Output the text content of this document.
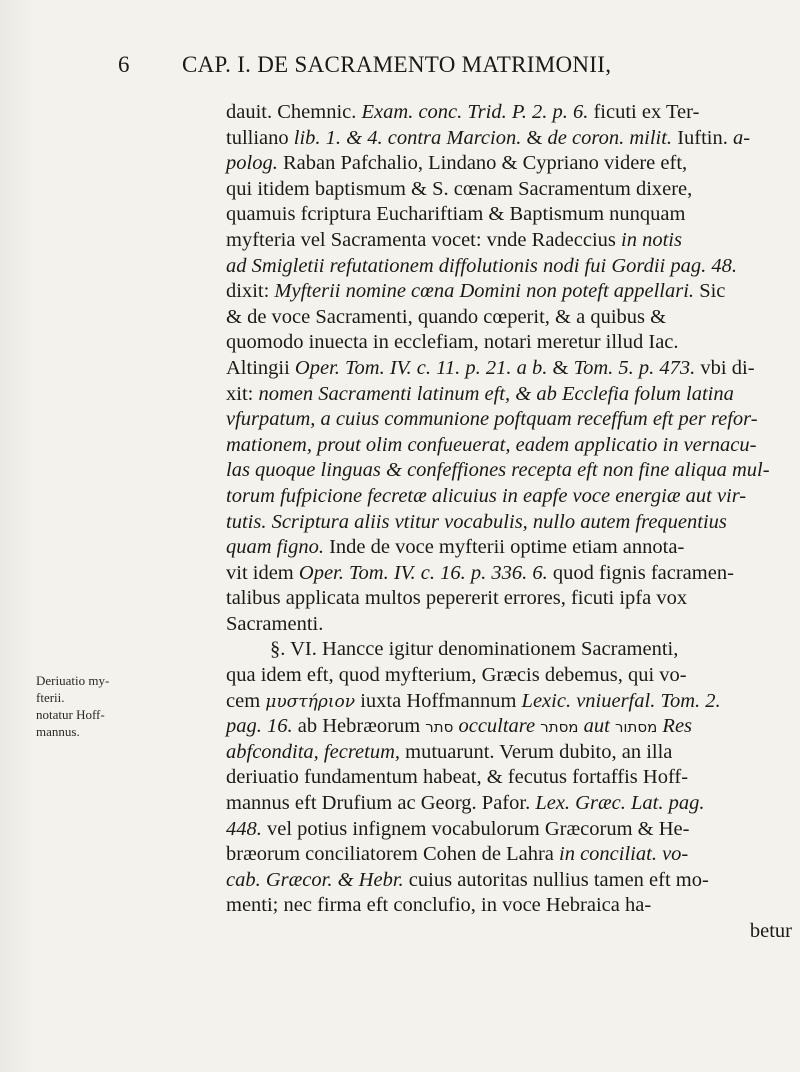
6 CAP. I. DE SACRAMENTO MATRIMONII,
Deriuatio my-
fterii.
notatur Hoff-
mannus.
dauit. Chemnic. Exam. conc. Trid. P. 2. p. 6. ficuti ex Ter-
tulliano lib. 1. & 4. contra Marcion. & de coron. milit. Iuftin. a-
polog. Raban Pafchalio, Lindano & Cypriano videre eft,
qui itidem baptismum & S. cœnam Sacramentum dixere,
quamuis fcriptura Euchariftiam & Baptismum nunquam
myfteria vel Sacramenta vocet: vnde Radeccius in notis
ad Smigletii refutationem diffolutionis nodi fui Gordii pag. 48.
dixit: Myfterii nomine cœna Domini non poteft appellari. Sic
& de voce Sacramenti, quando cœperit, & a quibus &
quomodo inuecta in ecclefiam, notari meretur illud Iac.
Altingii Oper. Tom. IV. c. 11. p. 21. a b. & Tom. 5. p. 473. vbi di-
xit: nomen Sacramenti latinum eft, & ab Ecclefia folum latina
vfurpatum, a cuius communione poftquam receffum eft per refor-
mationem, prout olim confueuerat, eadem applicatio in vernacu-
las quoque linguas & confeffiones recepta eft non fine aliqua mul-
torum fufpicione fecretæ alicuius in eapfe voce energiæ aut vir-
tutis. Scriptura aliis vtitur vocabulis, nullo autem frequentius
quam figno. Inde de voce myfterii optime etiam annota-
vit idem Oper. Tom. IV. c. 16. p. 336. 6. quod fignis facramen-
talibus applicata multos pepererit errores, ficuti ipfa vox
Sacramenti.
§. VI. Hancce igitur denominationem Sacramenti,
qua idem eft, quod myfterium, Græcis debemus, qui vo-
cem μυστήριον iuxta Hoffmannum Lexic. vniuerfal. Tom. 2.
pag. 16. ab Hebræorum סתר occultare מסתר aut מסתור Res
abfcondita, fecretum, mutuarunt. Verum dubito, an illa
deriuatio fundamentum habeat, & fecutus fortaffis Hoff-
mannus eft Drufium ac Georg. Pafor. Lex. Græc. Lat. pag.
448. vel potius infignem vocabulorum Græcorum & He-
bræorum conciliatorem Cohen de Lahra in conciliat. vo-
cab. Græcor. & Hebr. cuius autoritas nullius tamen eft mo-
menti; nec firma eft conclufio, in voce Hebraica ha-
betur
